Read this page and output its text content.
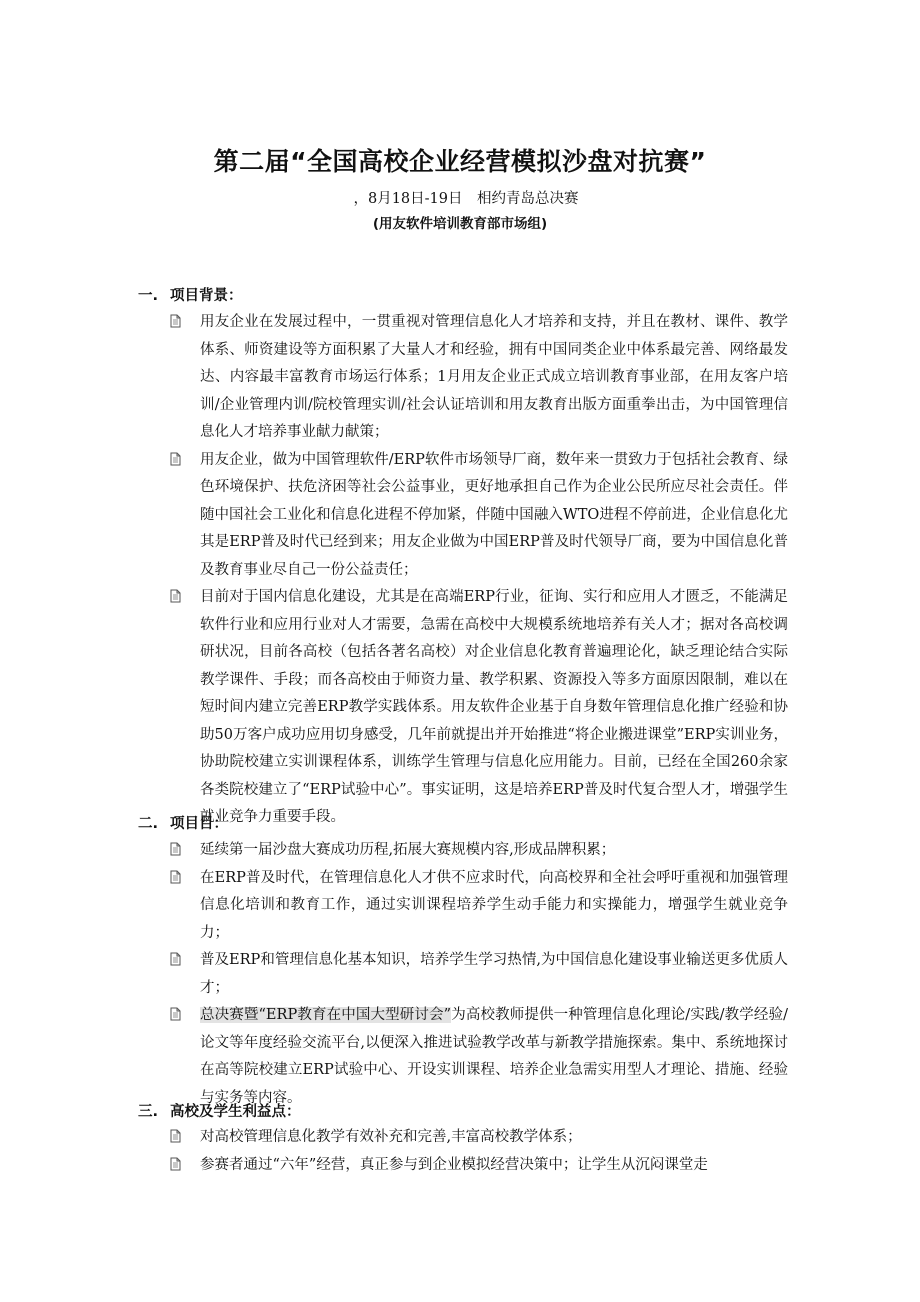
第二届“全国高校企业经营模拟沙盘对抗赛”
，8月18日-19日　相约青岛总决赛
(用友软件培训教育部市场组)
一. 项目背景：
用友企业在发展过程中，一贯重视对管理信息化人才培养和支持，并且在教材、课件、教学体系、师资建设等方面积累了大量人才和经验，拥有中国同类企业中体系最完善、网络最发达、内容最丰富教育市场运行体系；1月用友企业正式成立培训教育事业部，在用友客户培训/企业管理内训/院校管理实训/社会认证培训和用友教育出版方面重拳出击，为中国管理信息化人才培养事业献力献策；
用友企业，做为中国管理软件/ERP软件市场领导厂商，数年来一贯致力于包括社会教育、绿色环境保护、扶危济困等社会公益事业，更好地承担自己作为企业公民所应尽社会责任。伴随中国社会工业化和信息化进程不停加紧，伴随中国融入WTO进程不停前进，企业信息化尤其是ERP普及时代已经到来；用友企业做为中国ERP普及时代领导厂商，要为中国信息化普及教育事业尽自己一份公益责任；
目前对于国内信息化建设，尤其是在高端ERP行业，征询、实行和应用人才匮乏，不能满足软件行业和应用行业对人才需要，急需在高校中大规模系统地培养有关人才；据对各高校调研状况，目前各高校（包括各著名高校）对企业信息化教育普遍理论化，缺乏理论结合实际教学课件、手段；而各高校由于师资力量、教学积累、资源投入等多方面原因限制，难以在短时间内建立完善ERP教学实践体系。用友软件企业基于自身数年管理信息化推广经验和协助50万客户成功应用切身感受，几年前就提出并开始推进“将企业搬进课堂”ERP实训业务，协助院校建立实训课程体系，训练学生管理与信息化应用能力。目前，已经在全国260余家各类院校建立了“ERP试验中心”。事实证明，这是培养ERP普及时代复合型人才，增强学生就业竞争力重要手段。
二. 项目目：
延续第一届沙盘大赛成功历程,拓展大赛规模内容,形成品牌积累；
在ERP普及时代，在管理信息化人才供不应求时代，向高校界和全社会呼吁重视和加强管理信息化培训和教育工作，通过实训课程培养学生动手能力和实操能力，增强学生就业竞争力；
普及ERP和管理信息化基本知识，培养学生学习热情,为中国信息化建设事业输送更多优质人才；
总决赛暨“ERP教育在中国大型研讨会”为高校教师提供一种管理信息化理论/实践/教学经验/论文等年度经验交流平台,以便深入推进试验教学改革与新教学措施探索。集中、系统地探讨在高等院校建立ERP试验中心、开设实训课程、培养企业急需实用型人才理论、措施、经验与实务等内容。
三. 高校及学生利益点：
对高校管理信息化教学有效补充和完善,丰富高校教学体系；
参赛者通过“六年”经营，真正参与到企业模拟经营决策中；让学生从沉闷课堂走
